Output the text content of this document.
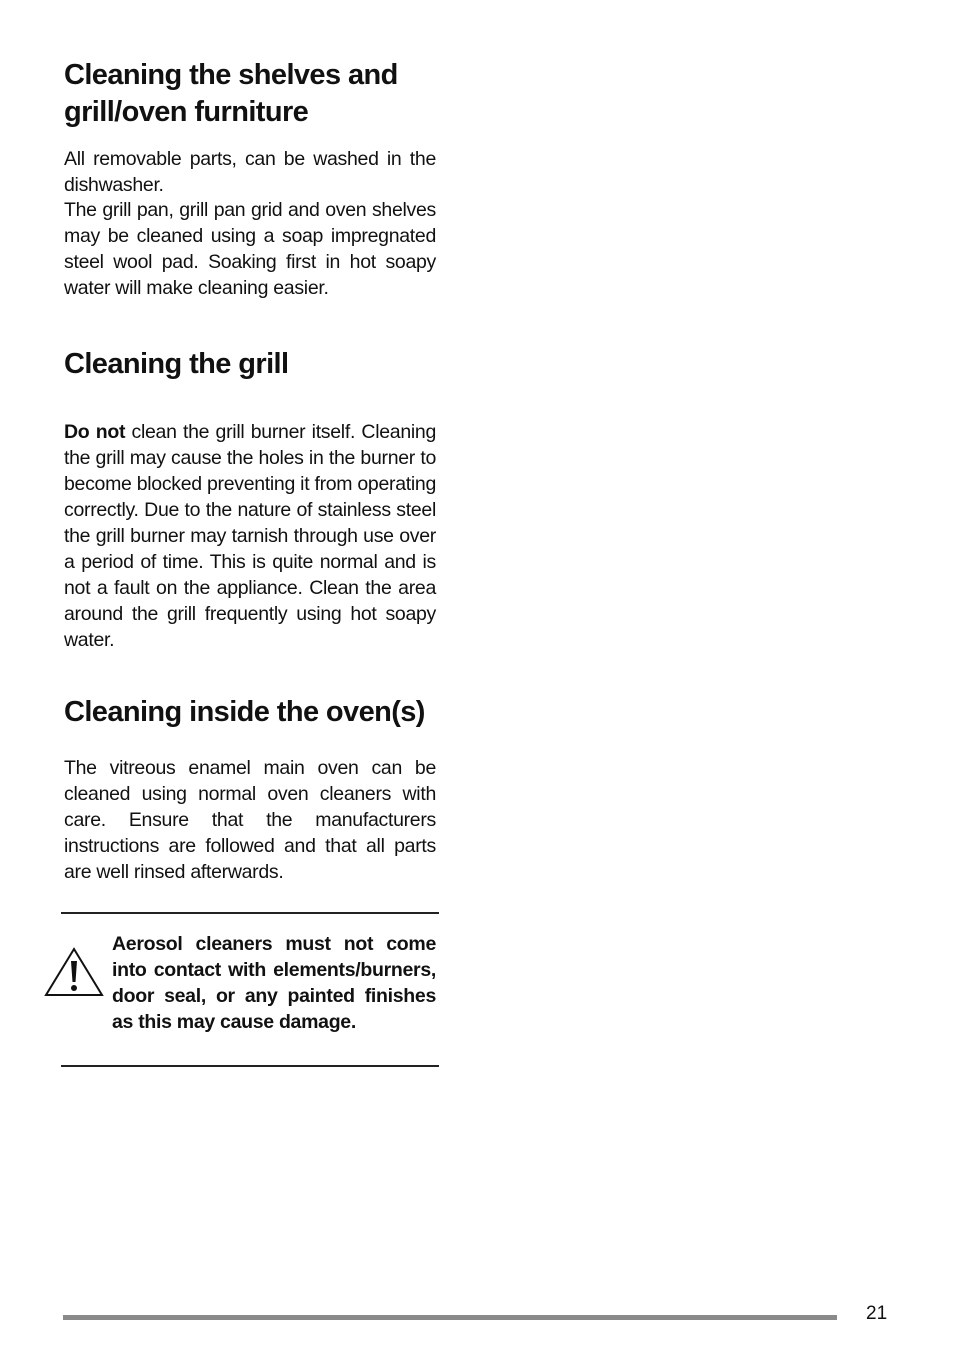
Cleaning the shelves and
grill/oven furniture

All removable parts, can be washed in the dishwasher.

The grill pan, grill pan grid and oven shelves may be cleaned using a soap impregnated steel wool pad. Soaking first in hot soapy water will make cleaning easier.

Cleaning the grill

Do not clean the grill burner itself. Cleaning the grill may cause the holes in the burner to become blocked preventing it from operating correctly. Due to the nature of stainless steel the grill burner may tarnish through use over a period of time. This is quite normal and is not a fault on the appliance. Clean the area around the grill frequently using hot soapy water.

Cleaning inside the oven(s)

The vitreous enamel main oven can be cleaned using normal oven cleaners with care. Ensure that the manufacturers instructions are followed and that all parts are well rinsed afterwards.

Aerosol cleaners must not come into contact with elements/burners, door seal, or any painted finishes as this may cause damage.
21
